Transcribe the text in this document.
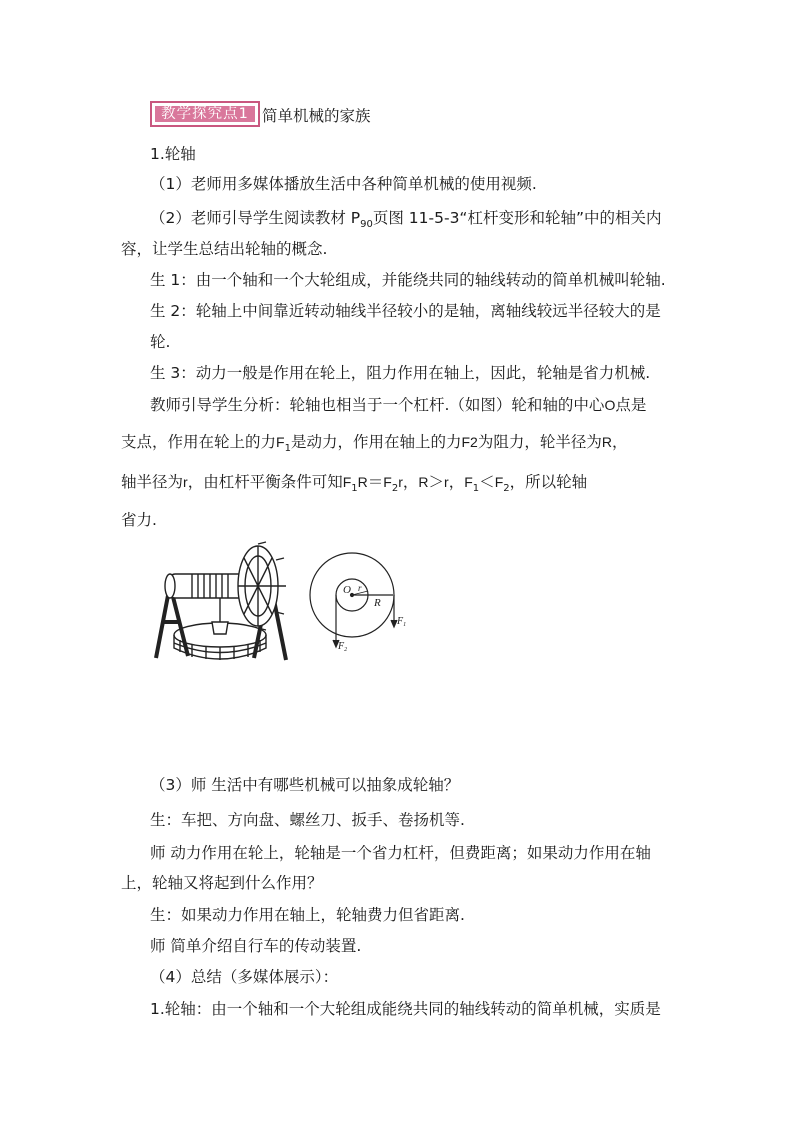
教学探究点1 简单机械的家族
1.轮轴
（1）老师用多媒体播放生活中各种简单机械的使用视频.
（2）老师引导学生阅读教材 $P_{90}$页图 11-5-3“杠杆变形和轮轴”中的相关内
容，让学生总结出轮轴的概念.
生 1：由一个轴和一个大轮组成，并能绕共同的轴线转动的简单机械叫轮轴.
生 2：轮轴上中间靠近转动轴线半径较小的是轴，离轴线较远半径较大的是
轮.
生 3：动力一般是作用在轮上，阻力作用在轴上，因此，轮轴是省力机械.
教师引导学生分析：轮轴也相当于一个杠杆.（如图）轮和轴的中心O点是
支点，作用在轮上的力$F_1$是动力，作用在轴上的力F2为阻力，轮半径为R，
轴半径为r，由杠杆平衡条件可知$F_1R=F_2r$，R＞r，$F_1<F_2$，所以轮轴
省力.
O r
R
$F_1$
$F_2$
（3）师 生活中有哪些机械可以抽象成轮轴？
生：车把、方向盘、螺丝刀、扳手、卷扬机等.
师 动力作用在轮上，轮轴是一个省力杠杆，但费距离；如果动力作用在轴
上，轮轴又将起到什么作用？
生：如果动力作用在轴上，轮轴费力但省距离.
师 简单介绍自行车的传动装置.
（4）总结（多媒体展示）：
1.轮轴：由一个轴和一个大轮组成能绕共同的轴线转动的简单机械，实质是
